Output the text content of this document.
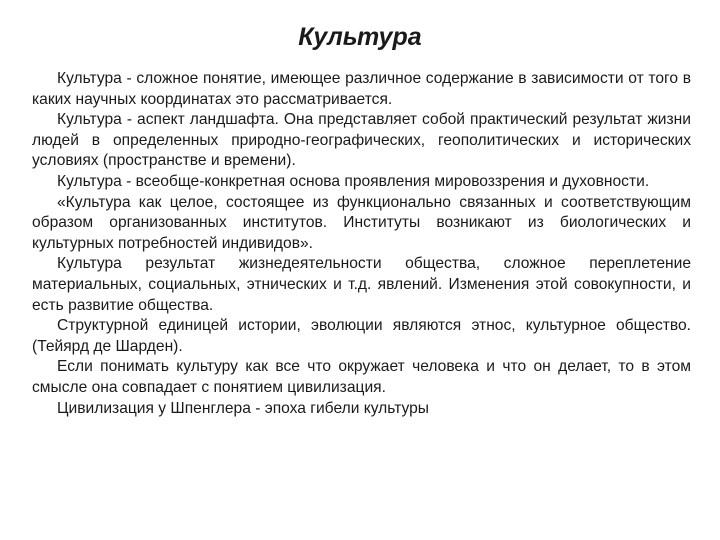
Культура

Культура - сложное понятие, имеющее различное содержание в зависимости от того в каких научных координатах это рассматривается.

Культура - аспект ландшафта. Она представляет собой практический результат жизни людей в определенных природно-географических, геополитических и исторических условиях (пространстве и времени).

Культура - всеобще-конкретная основа проявления мировоззрения и духовности.

«Культура как целое, состоящее из функционально связанных и соответствующим образом организованных институтов. Институты возникают из биологических и культурных потребностей индивидов».

Культура результат жизнедеятельности общества, сложное переплетение материальных, социальных, этнических и т.д. явлений. Изменения этой совокупности, и есть развитие общества.

Структурной единицей истории, эволюции являются этнос, культурное общество. (Тейярд де Шарден).

Если понимать культуру как все что окружает человека и что он делает, то в этом смысле она совпадает с понятием цивилизация.

Цивилизация у Шпенглера - эпоха гибели культуры
